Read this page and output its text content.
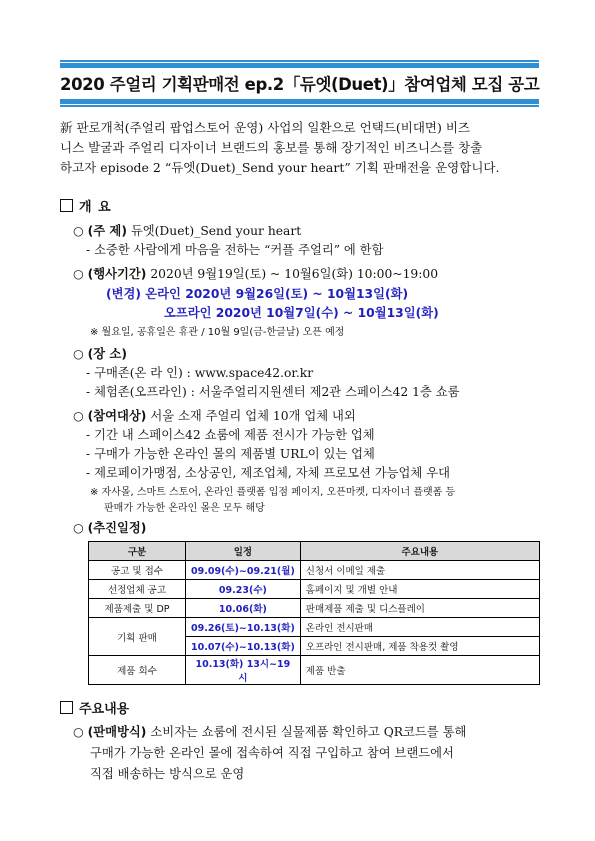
2020 주얼리 기획판매전 ep.2「듀엣(Duet)」참여업체 모집 공고

新 판로개척(주얼리 팝업스토어 운영) 사업의 일환으로 언택드(비대면) 비즈

니스 발굴과 주얼리 디자이너 브랜드의 홍보를 통해 장기적인 비즈니스를 창출

하고자 episode 2 “듀엣(Duet)_Send your heart” 기획 판매전을 운영합니다.

개 요
○ (주 제) 듀엣(Duet)_Send your heart
- 소중한 사람에게 마음을 전하는 “커플 주얼리” 에 한함
○ (행사기간) 2020년 9월19일(토) ~ 10월6일(화) 10:00~19:00
(변경) 온라인 2020년 9월26일(토) ~ 10월13일(화)
오프라인 2020년 10월7일(수) ~ 10월13일(화)
※ 월요일, 공휴일은 휴관 / 10월 9일(금-한글날) 오픈 예정
○ (장 소)
- 구매존(온 라 인) : www.space42.or.kr
- 체험존(오프라인) : 서울주얼리지원센터 제2관 스페이스42 1층 쇼룸
○ (참여대상) 서울 소재 주얼리 업체 10개 업체 내외
- 기간 내 스페이스42 쇼룸에 제품 전시가 가능한 업체
- 구매가 가능한 온라인 몰의 제품별 URL이 있는 업체
- 제로페이가맹점, 소상공인, 제조업체, 자체 프로모션 가능업체 우대
※ 자사몰, 스마트 스토어, 온라인 플랫폼 입점 페이지, 오픈마켓, 디자이너 플랫폼 등
판매가 가능한 온라인 몰은 모두 해당
○ (추진일정)
구분	일정	주요내용
공고 및 접수	09.09(수)~09.21(월)	신청서 이메일 제출
선정업체 공고	09.23(수)	홈페이지 및 개별 안내
제품제출 및 DP	10.06(화)	판매제품 제출 및 디스플레이
기획 판매	09.26(토)~10.13(화)	온라인 전시판매
	10.07(수)~10.13(화)	오프라인 전시판매, 제품 착용컷 촬영
제품 회수	10.13(화) 13시~19시	제품 반출
주요내용
○ (판매방식) 소비자는 쇼룸에 전시된 실물제품 확인하고 QR코드를 통해
구매가 가능한 온라인 몰에 접속하여 직접 구입하고 참여 브랜드에서
직접 배송하는 방식으로 운영
